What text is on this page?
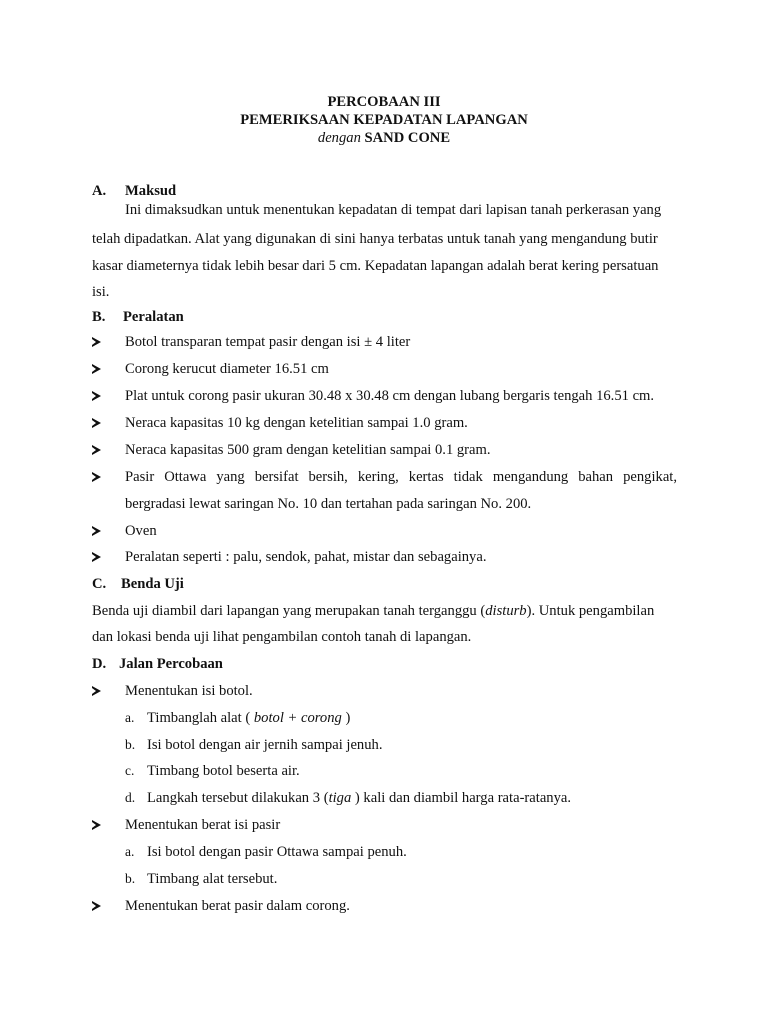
PERCOBAAN III
PEMERIKSAAN KEPADATAN LAPANGAN
dengan SAND CONE
A. Maksud
Ini dimaksudkan untuk menentukan kepadatan di tempat dari lapisan tanah perkerasan yang
telah dipadatkan. Alat yang digunakan di sini hanya terbatas untuk tanah yang mengandung butir
kasar diameternya tidak lebih besar dari 5 cm. Kepadatan lapangan adalah berat kering persatuan
isi.
B. Peralatan
Botol transparan tempat pasir dengan isi ± 4 liter
Corong kerucut diameter 16.51 cm
Plat untuk corong pasir ukuran 30.48 x 30.48 cm dengan lubang bergaris tengah 16.51 cm.
Neraca kapasitas 10 kg dengan ketelitian sampai 1.0 gram.
Neraca kapasitas 500 gram dengan ketelitian sampai 0.1 gram.
Pasir Ottawa yang bersifat bersih, kering, kertas tidak mengandung bahan pengikat,
bergradasi lewat saringan No. 10 dan tertahan pada saringan No. 200.
Oven
Peralatan seperti : palu, sendok, pahat, mistar dan sebagainya.
C. Benda Uji
Benda uji diambil dari lapangan yang merupakan tanah terganggu (disturb). Untuk pengambilan
dan lokasi benda uji lihat pengambilan contoh tanah di lapangan.
D. Jalan Percobaan
Menentukan isi botol.
a. Timbanglah alat ( botol + corong )
b. Isi botol dengan air jernih sampai jenuh.
c. Timbang botol beserta air.
d. Langkah tersebut dilakukan 3 (tiga ) kali dan diambil harga rata-ratanya.
Menentukan berat isi pasir
a. Isi botol dengan pasir Ottawa sampai penuh.
b. Timbang alat tersebut.
Menentukan berat pasir dalam corong.
